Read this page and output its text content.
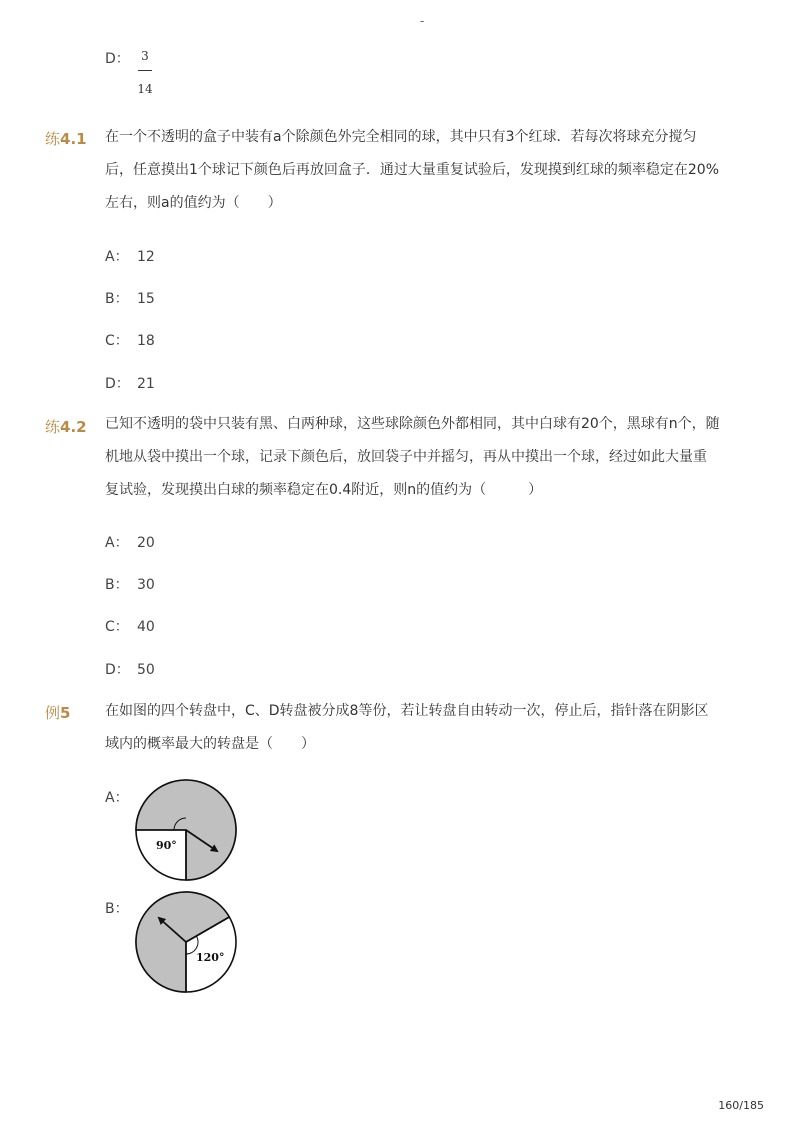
-
D： 3
14
练4.1 在一个不透明的盒子中装有a个除颜色外完全相同的球，其中只有3个红球．若每次将球充分搅匀后，任意摸出1个球记下颜色后再放回盒子．通过大量重复试验后，发现摸到红球的频率稳定在20%左右，则a的值约为（　　）
A： 12
B： 15
C： 18
D： 21
练4.2 已知不透明的袋中只装有黑、白两种球，这些球除颜色外都相同，其中白球有20个，黑球有n个，随机地从袋中摸出一个球，记录下颜色后，放回袋子中并摇匀，再从中摸出一个球，经过如此大量重复试验，发现摸出白球的频率稳定在0.4附近，则n的值约为（　　　）
A： 20
B： 30
C： 40
D： 50
例5 在如图的四个转盘中，C、D转盘被分成8等份，若让转盘自由转动一次，停止后，指针落在阴影区域内的概率最大的转盘是（　　）
A：
90°
B：
120°
160/185
